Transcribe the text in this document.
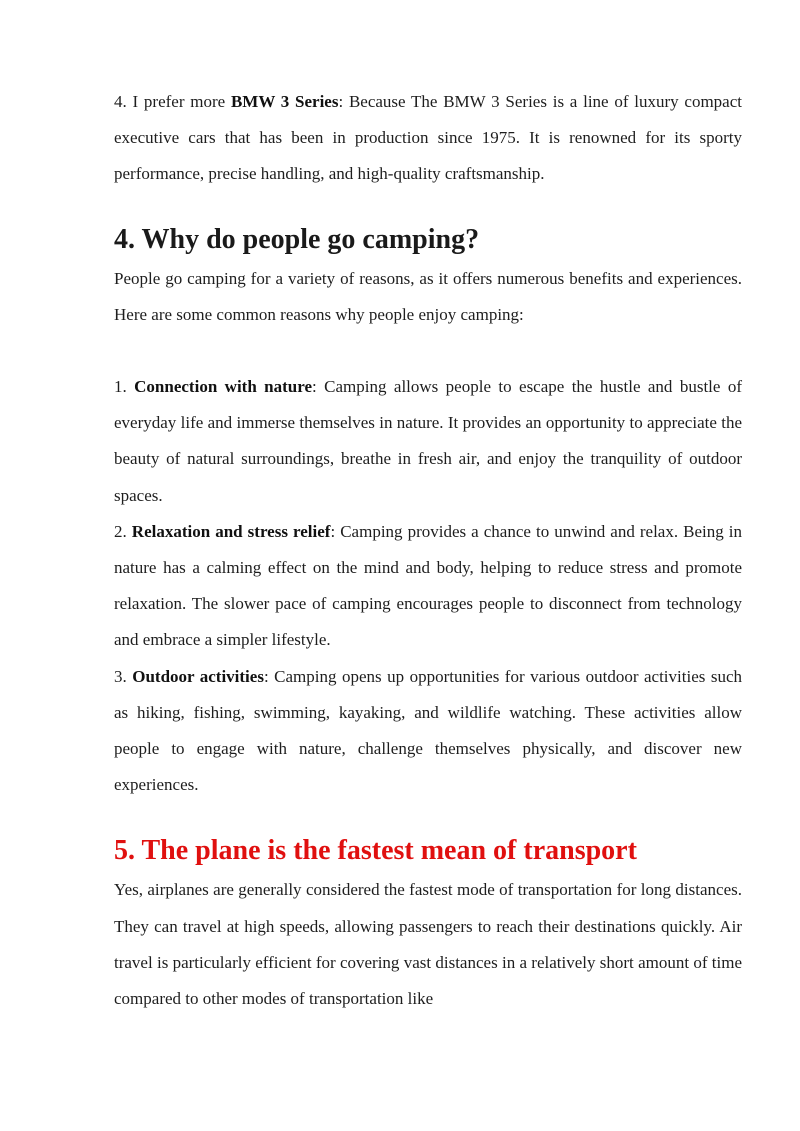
4. I prefer more BMW 3 Series: Because The BMW 3 Series is a line of luxury compact executive cars that has been in production since 1975. It is renowned for its sporty performance, precise handling, and high-quality craftsmanship.

4. Why do people go camping?

People go camping for a variety of reasons, as it offers numerous benefits and experiences. Here are some common reasons why people enjoy camping:

1. Connection with nature: Camping allows people to escape the hustle and bustle of everyday life and immerse themselves in nature. It provides an opportunity to appreciate the beauty of natural surroundings, breathe in fresh air, and enjoy the tranquility of outdoor spaces.

2. Relaxation and stress relief: Camping provides a chance to unwind and relax. Being in nature has a calming effect on the mind and body, helping to reduce stress and promote relaxation. The slower pace of camping encourages people to disconnect from technology and embrace a simpler lifestyle.

3. Outdoor activities: Camping opens up opportunities for various outdoor activities such as hiking, fishing, swimming, kayaking, and wildlife watching. These activities allow people to engage with nature, challenge themselves physically, and discover new experiences.

5. The plane is the fastest mean of transport

Yes, airplanes are generally considered the fastest mode of transportation for long distances. They can travel at high speeds, allowing passengers to reach their destinations quickly. Air travel is particularly efficient for covering vast distances in a relatively short amount of time compared to other modes of transportation like
